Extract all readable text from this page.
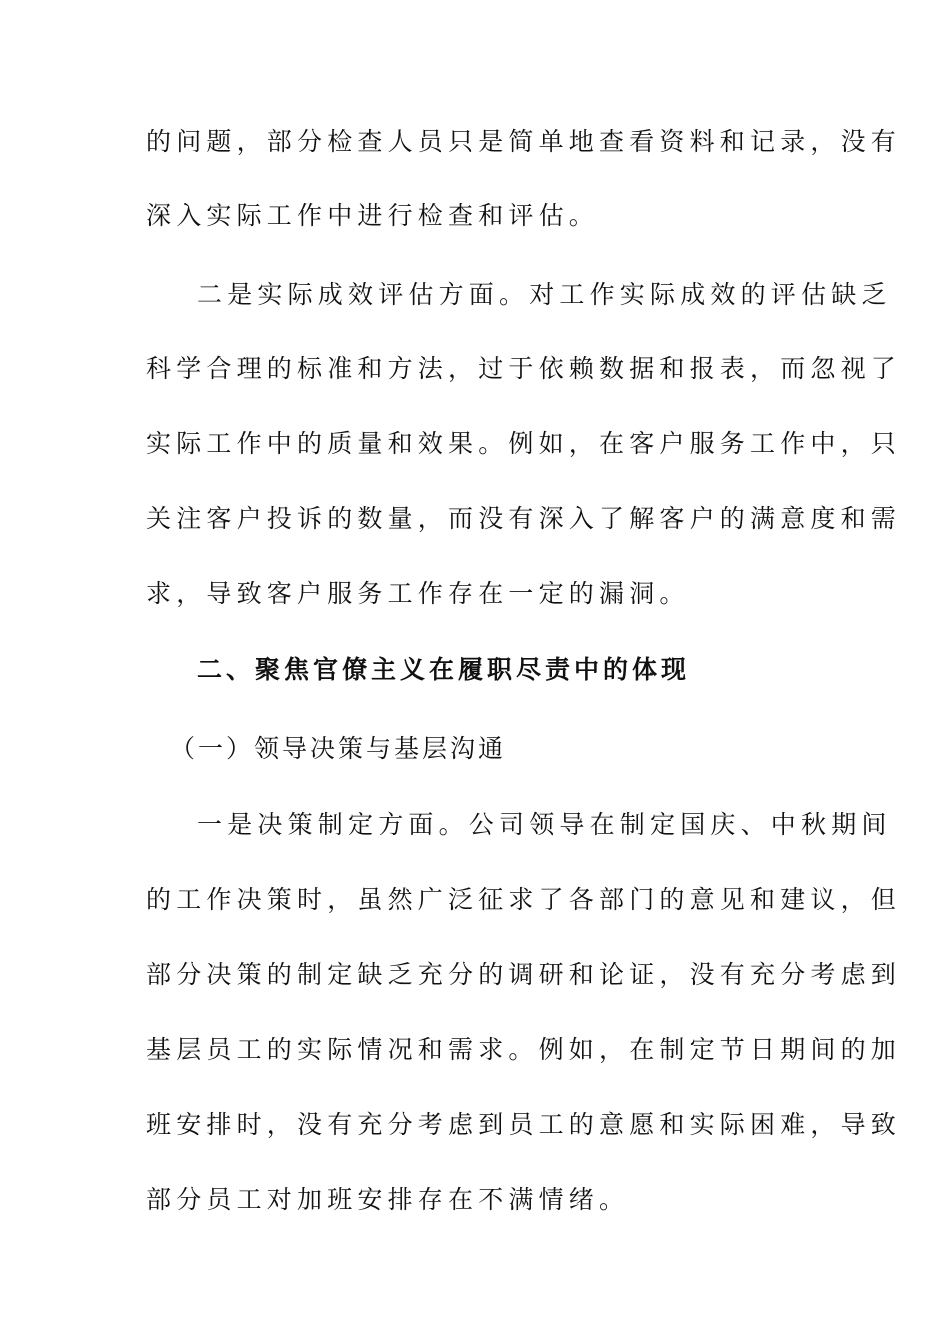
的问题，部分检查人员只是简单地查看资料和记录，没有
深入实际工作中进行检查和评估。
二是实际成效评估方面。对工作实际成效的评估缺乏
科学合理的标准和方法，过于依赖数据和报表，而忽视了
实际工作中的质量和效果。例如，在客户服务工作中，只
关注客户投诉的数量，而没有深入了解客户的满意度和需
求，导致客户服务工作存在一定的漏洞。
二、聚焦官僚主义在履职尽责中的体现
（一）领导决策与基层沟通
一是决策制定方面。公司领导在制定国庆、中秋期间
的工作决策时，虽然广泛征求了各部门的意见和建议，但
部分决策的制定缺乏充分的调研和论证，没有充分考虑到
基层员工的实际情况和需求。例如，在制定节日期间的加
班安排时，没有充分考虑到员工的意愿和实际困难，导致
部分员工对加班安排存在不满情绪。
